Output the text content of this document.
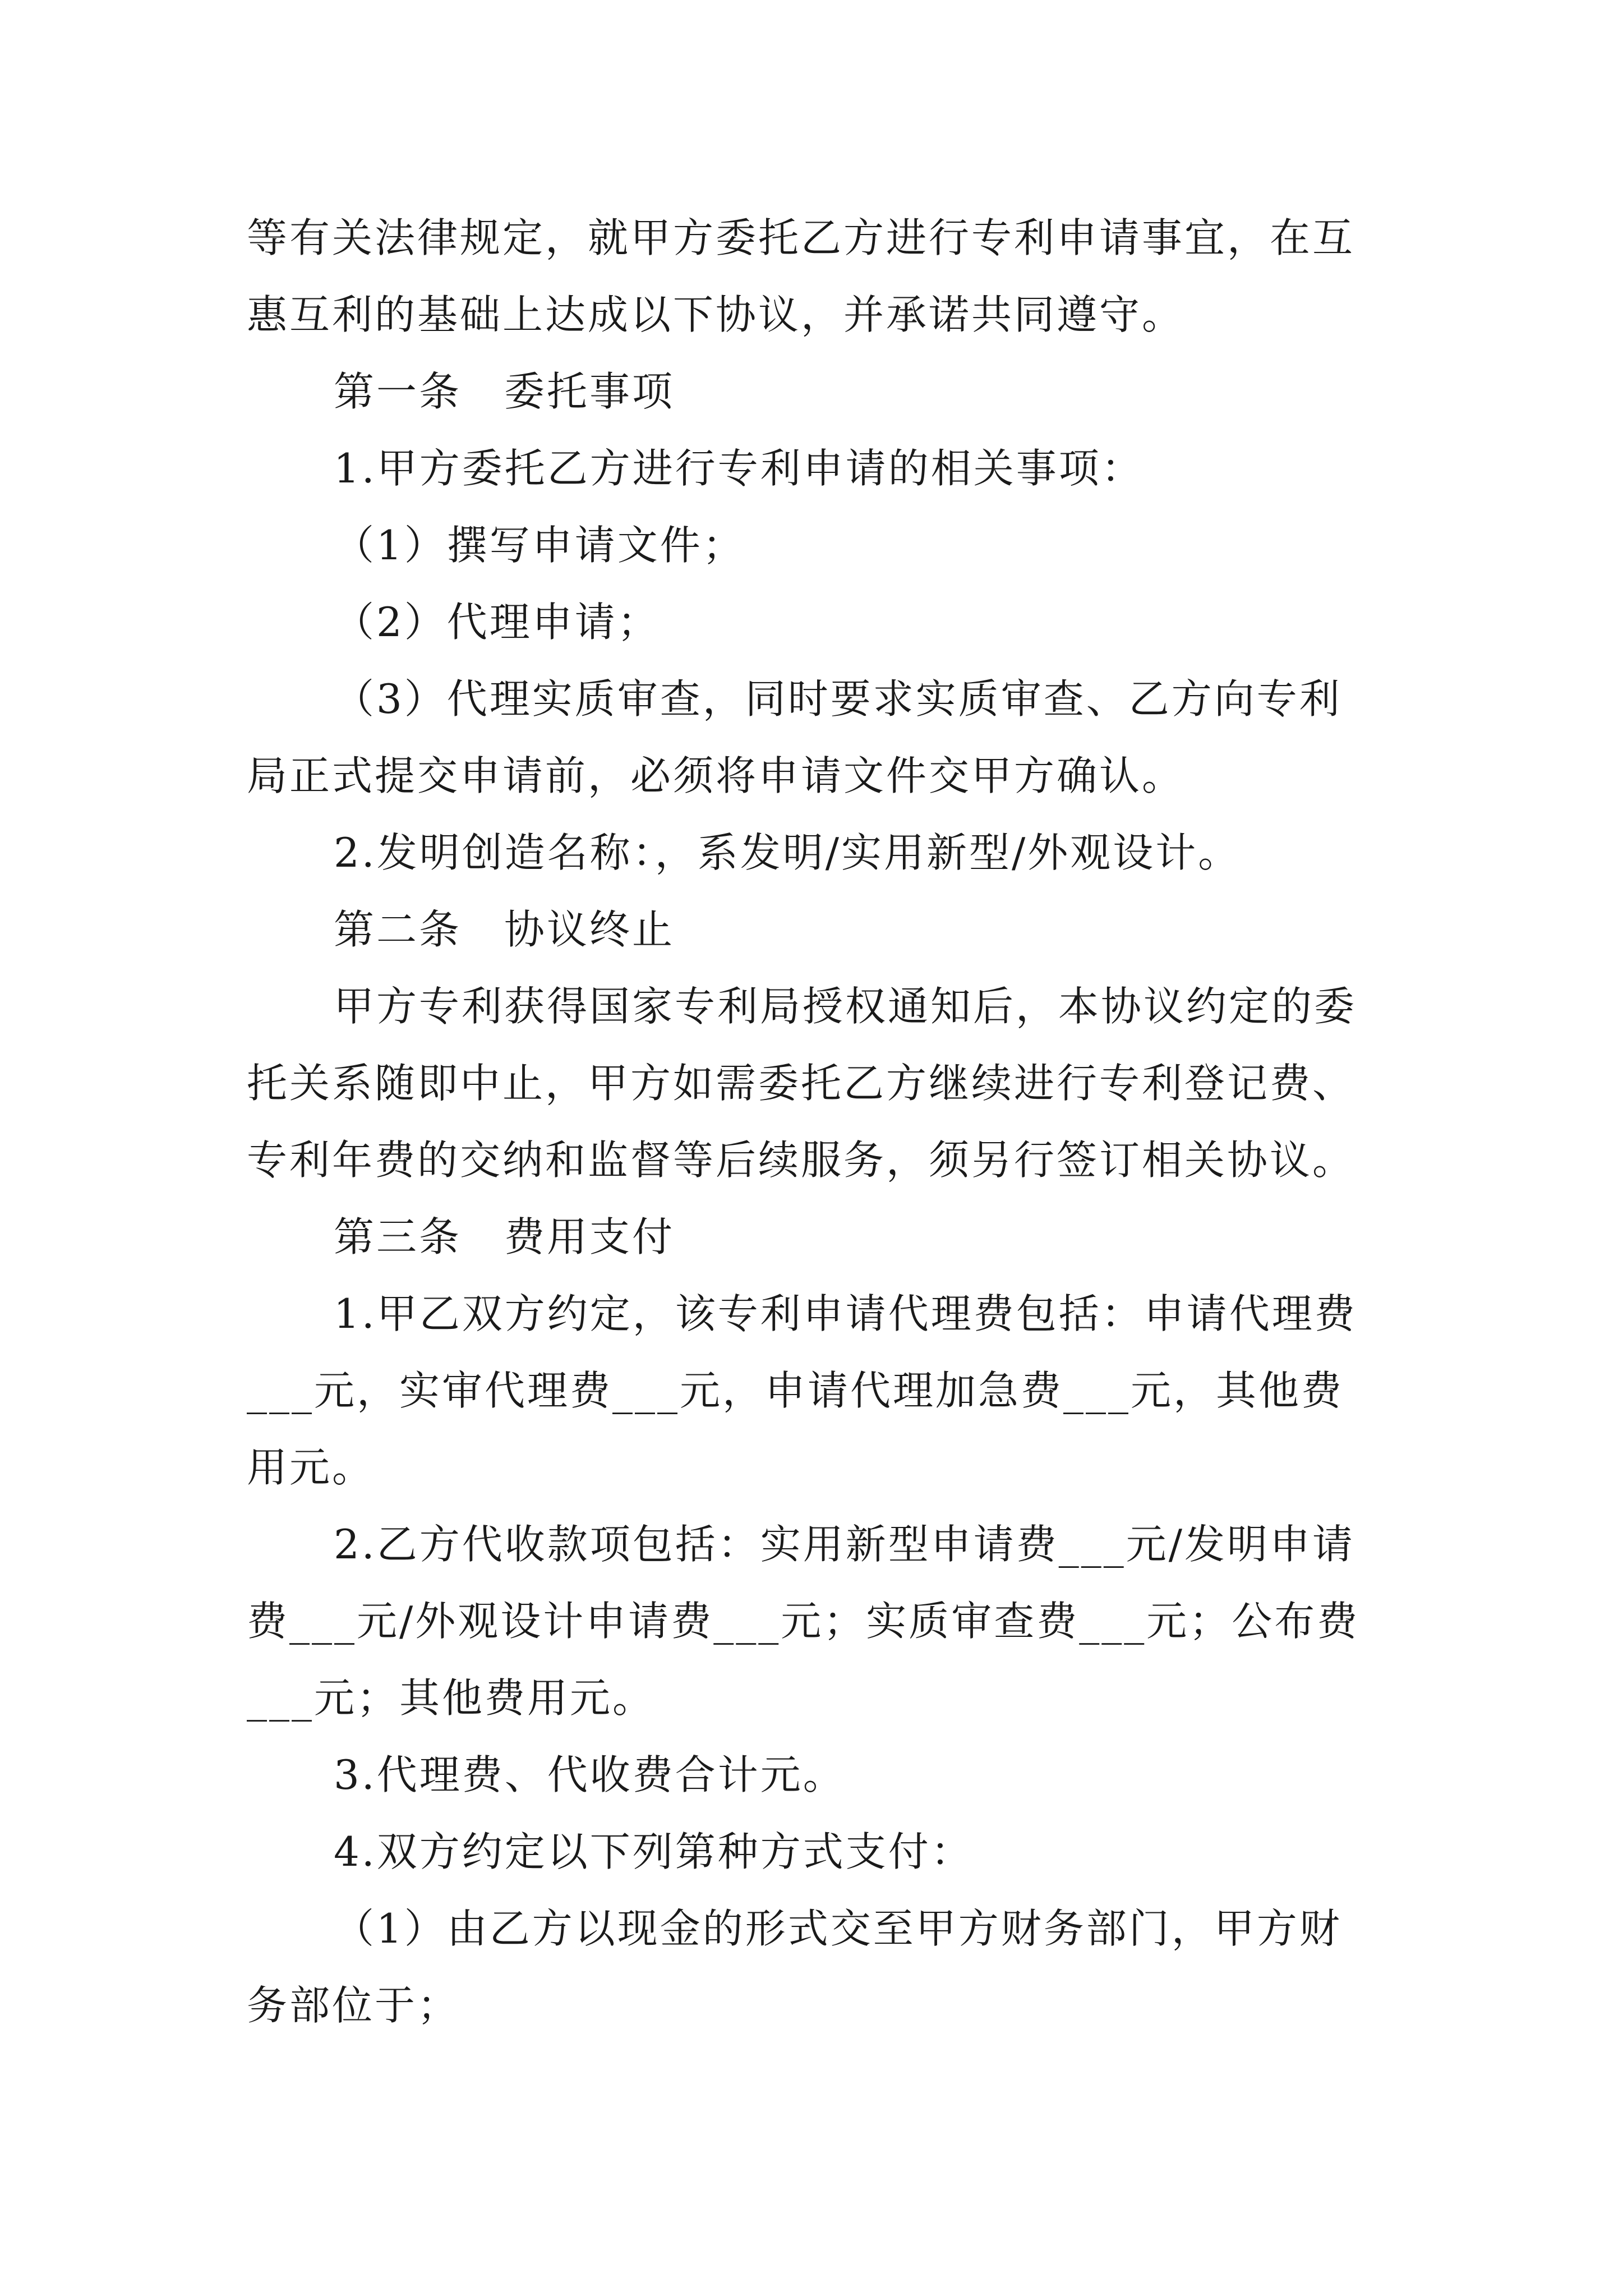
等有关法律规定，就甲方委托乙方进行专利申请事宜，在互
惠互利的基础上达成以下协议，并承诺共同遵守。
第一条　委托事项
1.甲方委托乙方进行专利申请的相关事项：
（1）撰写申请文件；
（2）代理申请；
（3）代理实质审查，同时要求实质审查、乙方向专利
局正式提交申请前，必须将申请文件交甲方确认。
2.发明创造名称：，系发明/实用新型/外观设计。
第二条　协议终止
甲方专利获得国家专利局授权通知后，本协议约定的委
托关系随即中止，甲方如需委托乙方继续进行专利登记费、
专利年费的交纳和监督等后续服务，须另行签订相关协议。
第三条　费用支付
1.甲乙双方约定，该专利申请代理费包括：申请代理费
___元，实审代理费___元，申请代理加急费___元，其他费
用元。
2.乙方代收款项包括：实用新型申请费___元/发明申请
费___元/外观设计申请费___元；实质审查费___元；公布费
___元；其他费用元。
3.代理费、代收费合计元。
4.双方约定以下列第种方式支付：
（1）由乙方以现金的形式交至甲方财务部门，甲方财
务部位于；
